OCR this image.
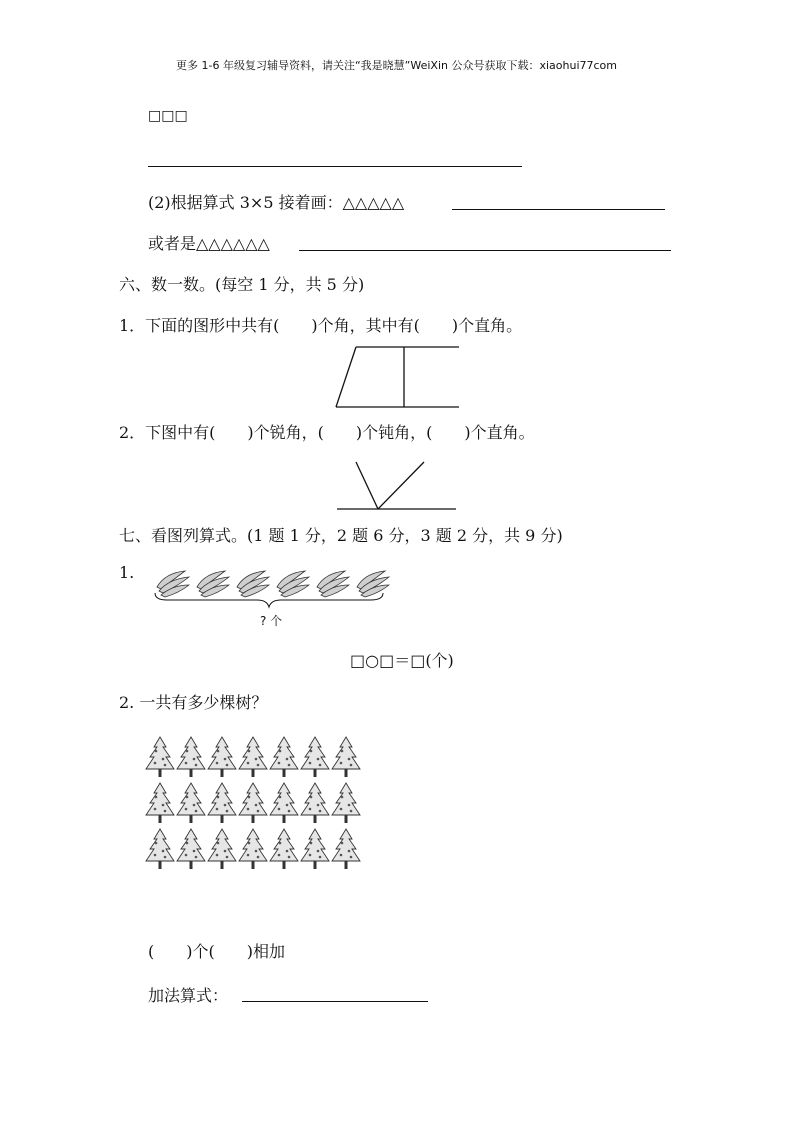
更多 1-6 年级复习辅导资料，请关注“我是晓慧”WeiXin 公众号获取下载：xiaohui77com
□□□
(2)根据算式 3×5 接着画：△△△△△
或者是△△△△△△
六、数一数。(每空 1 分，共 5 分)
1．下面的图形中共有(　　)个角，其中有(　　)个直角。
2．下图中有(　　)个锐角，(　　)个钝角，(　　)个直角。
七、看图列算式。(1 题 1 分，2 题 6 分，3 题 2 分，共 9 分)
1.
? 个
□○□＝□(个)
2. 一共有多少棵树？
(　　)个(　　)相加
加法算式：
